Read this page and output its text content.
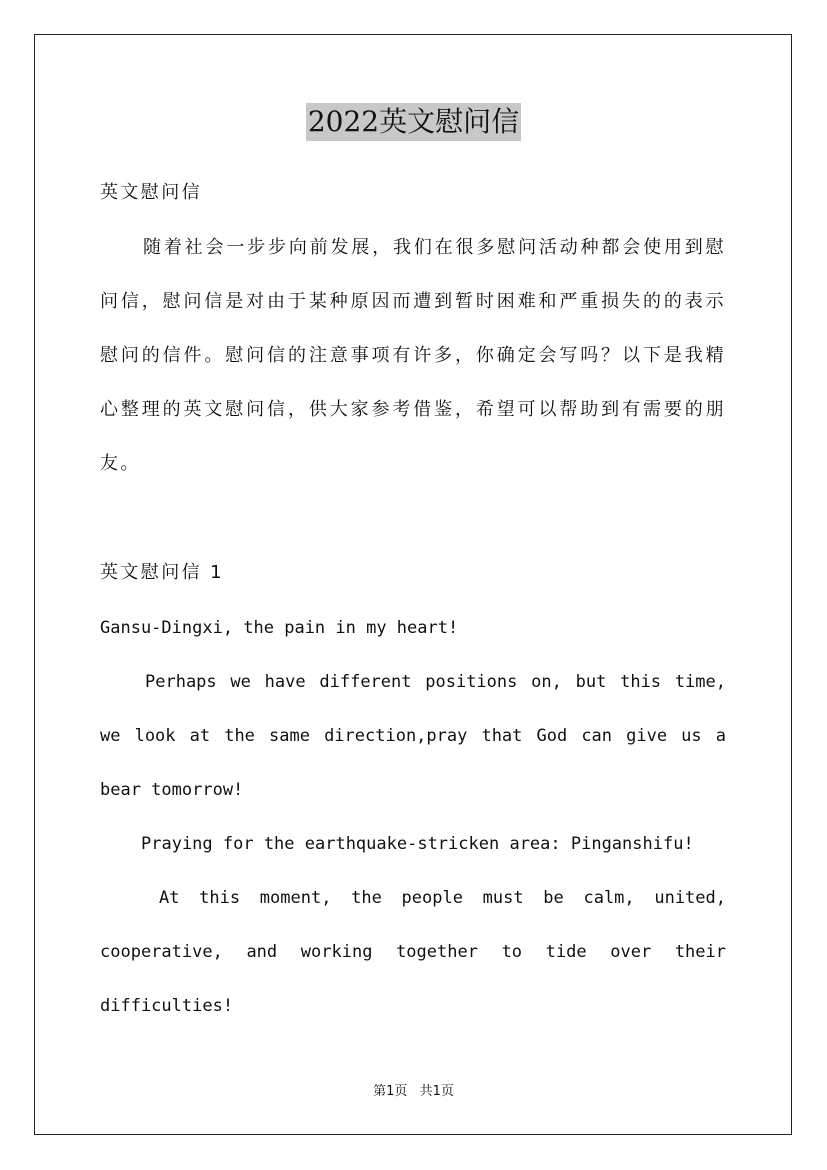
2022英文慰问信
英文慰问信
随着社会一步步向前发展，我们在很多慰问活动种都会使用到慰
问信，慰问信是对由于某种原因而遭到暂时困难和严重损失的的表示
慰问的信件。慰问信的注意事项有许多，你确定会写吗？以下是我精
心整理的英文慰问信，供大家参考借鉴，希望可以帮助到有需要的朋
友。
英文慰问信 1
Gansu-Dingxi, the pain in my heart!
Perhaps we have different positions on, but this time,
we look at the same direction,pray that God can give us a
bear tomorrow!
Praying for the earthquake-stricken area: Pinganshifu!
At this moment, the people must be calm, united,
cooperative, and working together to tide over their
difficulties!
第1页 共1页
